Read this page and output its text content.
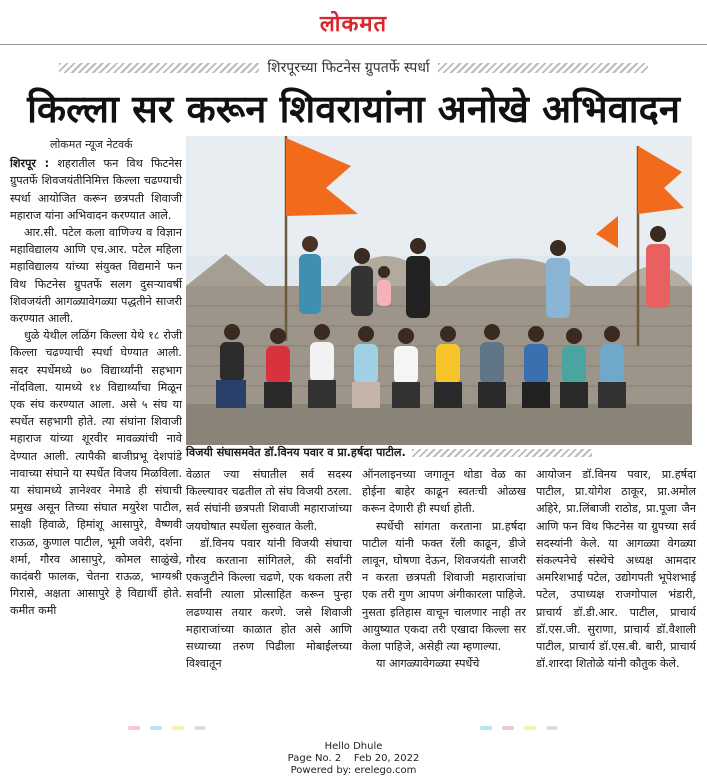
लोकमत
शिरपूरच्या फिटनेस ग्रुपतर्फे स्पर्धा
किल्ला सर करून शिवरायांना अनोखे अभिवादन
लोकमत न्यूज नेटवर्क

शिरपूर : शहरातील फन विथ फिटनेस ग्रुपतर्फे शिवजयंतीनिमित्त किल्ला चढण्याची स्पर्धा आयोजित करून छत्रपती शिवाजी महाराज यांना अभिवादन करण्यात आले.

आर.सी. पटेल कला वाणिज्य व विज्ञान महाविद्यालय आणि एच.आर. पटेल महिला महाविद्यालय यांच्या संयुक्त विद्यमाने फन विथ फिटनेस ग्रुपतर्फे सलग दुसऱ्यावर्षी शिवजयंती आगळ्यावेगळ्या पद्धतीने साजरी करण्यात आली.

धुळे येथील लळिंग किल्ला येथे १८ रोजी किल्ला चढण्याची स्पर्धा घेण्यात आली. सदर स्पर्धेमध्ये ७० विद्यार्थ्यांनी सहभाग नोंदविला. यामध्ये १४ विद्यार्थ्यांचा मिळून एक संघ करण्यात आला. असे ५ संघ या स्पर्धेत सहभागी होते. त्या संघांना शिवाजी महाराज यांच्या शूरवीर मावळ्यांची नावे देण्यात आली. त्यापैकी बाजीप्रभू देशपांडे नावाच्या संघाने या स्पर्धेत विजय मिळविला. या संघामध्ये ज्ञानेश्वर नेमाडे ही संघाची प्रमुख असून तिच्या संघात मयुरेश पाटील, साक्षी हिवाळे, हिमांशू आसापुरे, वैष्णवी राऊळ, कुणाल पाटील, भूमी जवेरी, दर्शना शर्मा, गौरव आसापुरे, कोमल साळुंखे, कादंबरी फालक, चेतना राऊळ, भाग्यश्री गिरासे, अक्षता आसापुरे हे विद्यार्थी होते. कमीत कमी

विजयी संघासमवेत डॉ.विनय पवार व प्रा.हर्षदा पाटील.

वेळात ज्या संघातील सर्व सदस्य किल्ल्यावर चढतील तो संघ विजयी ठरला. सर्व संघांनी छत्रपती शिवाजी महाराजांच्या जयघोषात स्पर्धेला सुरुवात केली.

डॉ.विनय पवार यांनी विजयी संघाचा गौरव करताना सांगितले, की सर्वांनी एकजुटीने किल्ला चढणे, एक थकला तरी सर्वांनी त्याला प्रोत्साहित करून पुन्हा लढण्यास तयार करणे. जसे शिवाजी महाराजांच्या काळात होत असे आणि सध्याच्या तरुण पिढीला मोबाईलच्या विश्वातून

ऑनलाइनच्या जगातून थोडा वेळ का होईना बाहेर काढून स्वतःची ओळख करून देणारी ही स्पर्धा होती.

स्पर्धेची सांगता करताना प्रा.हर्षदा पाटील यांनी फक्त रॅली काढून, डीजे लावून, घोषणा देऊन, शिवजयंती साजरी न करता छत्रपती शिवाजी महाराजांचा एक तरी गुण आपण अंगीकारला पाहिजे. नुसता इतिहास वाचून चालणार नाही तर आयुष्यात एकदा तरी एखादा किल्ला सर केला पाहिजे, असेही त्या म्हणाल्या.

या आगळ्यावेगळ्या स्पर्धेचे

आयोजन डॉ.विनय पवार, प्रा.हर्षदा पाटील, प्रा.योगेश ठाकूर, प्रा.अमोल अहिरे, प्रा.लिंबाजी राठोड, प्रा.पूजा जैन आणि फन विथ फिटनेस या ग्रुपच्या सर्व सदस्यांनी केले. या आगळ्या वेगळ्या संकल्पनेचे संस्थेचे अध्यक्ष आमदार अमरिशभाई पटेल, उद्योगपती भूपेशभाई पटेल, उपाध्यक्ष राजगोपाल भंडारी, प्राचार्य डॉ.डी.आर. पाटील, प्राचार्य डॉ.एस.जी. सुराणा, प्राचार्य डॉ.वैशाली पाटील, प्राचार्य डॉ.एस.बी. बारी, प्राचार्य डॉ.शारदा शितोळे यांनी कौतुक केले.

Hello Dhule
Page No. 2    Feb 20, 2022
Powered by: erelego.com
